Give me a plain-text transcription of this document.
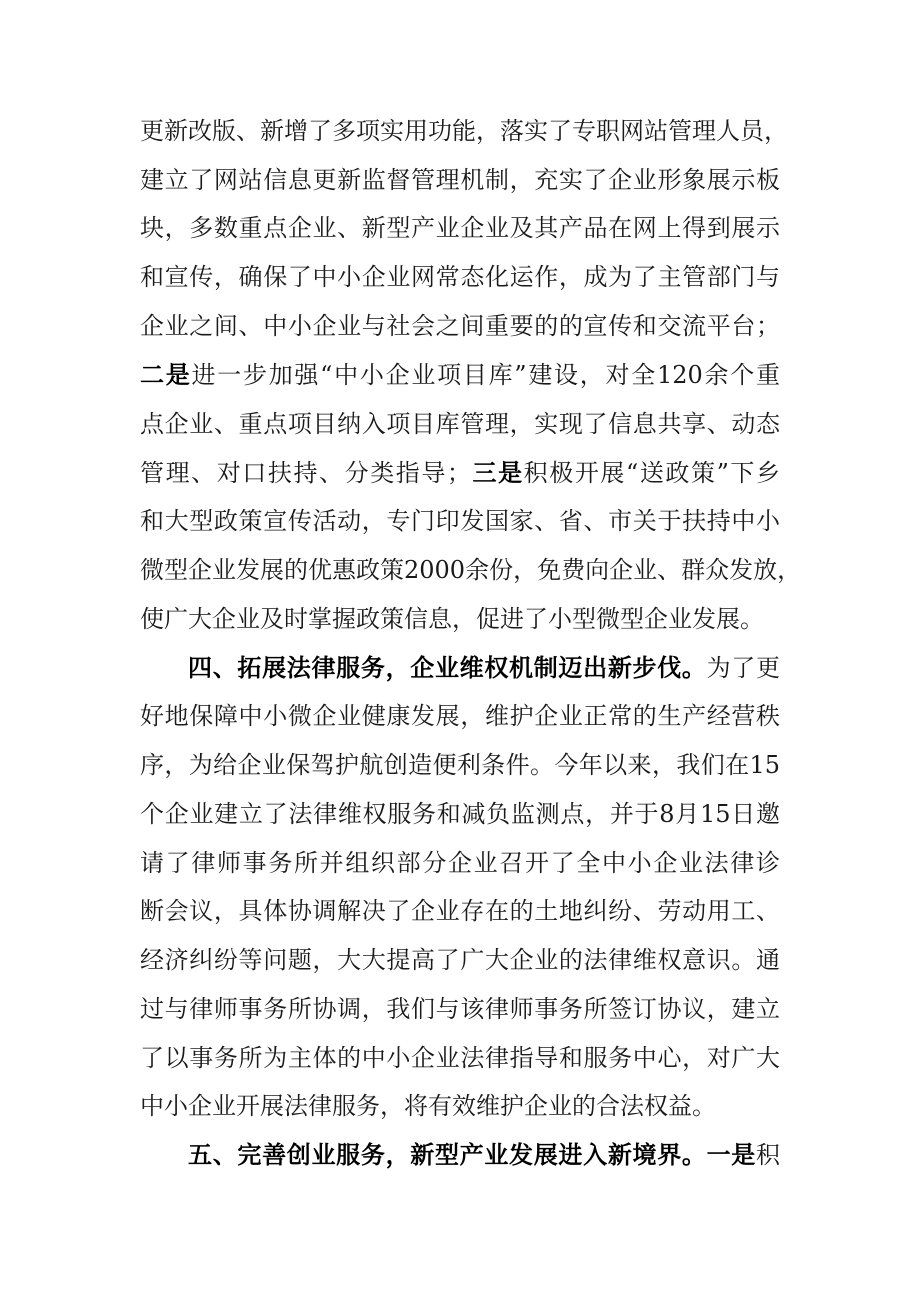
更新改版、新增了多项实用功能，落实了专职网站管理人员，
建立了网站信息更新监督管理机制，充实了企业形象展示板
块，多数重点企业、新型产业企业及其产品在网上得到展示
和宣传，确保了中小企业网常态化运作，成为了主管部门与
企业之间、中小企业与社会之间重要的的宣传和交流平台；
二是进一步加强“中小企业项目库”建设，对全120余个重
点企业、重点项目纳入项目库管理，实现了信息共享、动态
管理、对口扶持、分类指导；三是积极开展“送政策”下乡
和大型政策宣传活动，专门印发国家、省、市关于扶持中小
微型企业发展的优惠政策2000余份，免费向企业、群众发放，
使广大企业及时掌握政策信息，促进了小型微型企业发展。
四、拓展法律服务，企业维权机制迈出新步伐。为了更
好地保障中小微企业健康发展，维护企业正常的生产经营秩
序，为给企业保驾护航创造便利条件。今年以来，我们在15
个企业建立了法律维权服务和减负监测点，并于8月15日邀
请了律师事务所并组织部分企业召开了全中小企业法律诊
断会议，具体协调解决了企业存在的土地纠纷、劳动用工、
经济纠纷等问题，大大提高了广大企业的法律维权意识。通
过与律师事务所协调，我们与该律师事务所签订协议，建立
了以事务所为主体的中小企业法律指导和服务中心，对广大
中小企业开展法律服务，将有效维护企业的合法权益。
五、完善创业服务，新型产业发展进入新境界。一是积
